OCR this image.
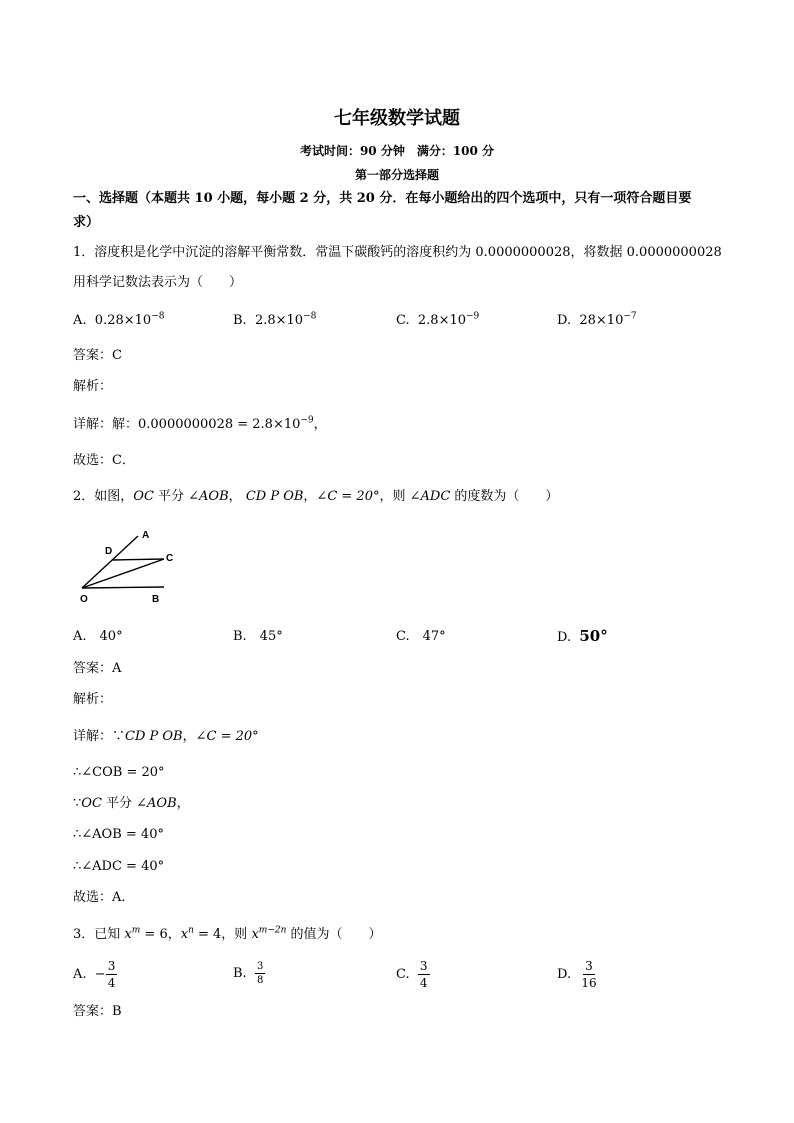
七年级数学试题
考试时间：90 分钟　满分：100 分
第一部分选择题
一、选择题（本题共 10 小题，每小题 2 分，共 20 分．在每小题给出的四个选项中，只有一项符合题目要
求）
1．溶度积是化学中沉淀的溶解平衡常数．常温下碳酸钙的溶度积约为 0.0000000028，将数据 0.0000000028
用科学记数法表示为（　　）
A. $0.28\times 10^{-8}$	B. $2.8\times 10^{-8}$	C. $2.8\times 10^{-9}$	D. $28\times 10^{-7}$
答案：C
解析：
详解：解：$0.0000000028 = 2.8\times 10^{-9}$，
故选：C．
2．如图，OC 平分 ∠AOB， CD P OB，∠C = 20°，则 ∠ADC 的度数为（　　）
A
D
C
O	B
A.　40°	B.　45°	C.　47°	D. 50°
答案：A
解析：
详解：∵CD P OB，∠C = 20°
∴∠COB = 20°
∵OC 平分 ∠AOB，
∴∠AOB = 40°
∴∠ADC = 40°
故选：A．
3．已知 $x^m = 6$，$x^n = 4$，则 $x^{m-2n}$ 的值为（　　）
A. − $\frac{3}{4}$	B. $\frac{3}{8}$	C. $\frac{3}{4}$	D. $\frac{3}{16}$
答案：B
